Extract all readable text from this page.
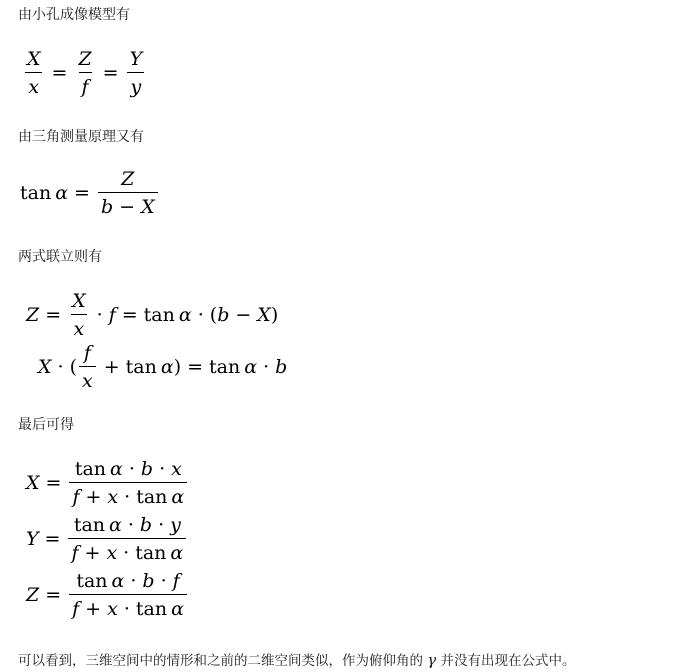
由小孔成像模型有
$\frac{X}{x} = \frac{Z}{f} = \frac{Y}{y}$
由三角测量原理又有
$\tan \alpha = \frac{Z}{b - X}$
两式联立则有
$Z = \frac{X}{x} \cdot f = \tan \alpha$ · ( b − X )
X · ( $\frac{f}{x} + \tan \alpha$ ) = tan α · b
最后可得
$X = \frac{\text{tan α · b · x}}{\text{f + x · tan α}}$
$Y = \frac{\text{tan α · b · y}}{\text{f + x · tan α}}$
$Z = \frac{\text{tan α · b · f}}{\text{f + x · tan α}}$
可以看到，三维空间中的情形和之前的二维空间类似，作为俯仰角的 γ 并没有出现在公式中。
